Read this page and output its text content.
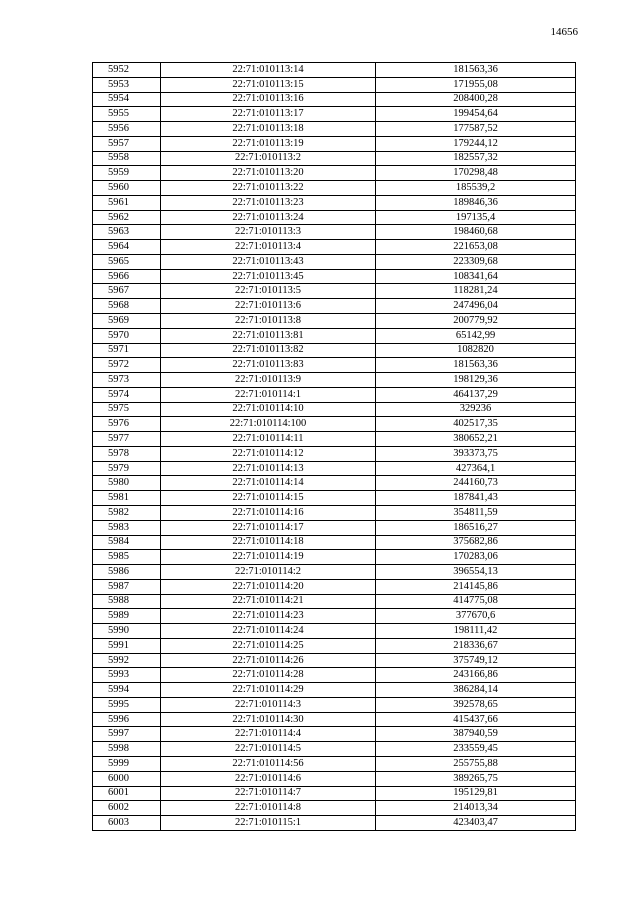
14656
5952	22:71:010113:14	181563,36
5953	22:71:010113:15	171955,08
5954	22:71:010113:16	208400,28
5955	22:71:010113:17	199454,64
5956	22:71:010113:18	177587,52
5957	22:71:010113:19	179244,12
5958	22:71:010113:2	182557,32
5959	22:71:010113:20	170298,48
5960	22:71:010113:22	185539,2
5961	22:71:010113:23	189846,36
5962	22:71:010113:24	197135,4
5963	22:71:010113:3	198460,68
5964	22:71:010113:4	221653,08
5965	22:71:010113:43	223309,68
5966	22:71:010113:45	108341,64
5967	22:71:010113:5	118281,24
5968	22:71:010113:6	247496,04
5969	22:71:010113:8	200779,92
5970	22:71:010113:81	65142,99
5971	22:71:010113:82	1082820
5972	22:71:010113:83	181563,36
5973	22:71:010113:9	198129,36
5974	22:71:010114:1	464137,29
5975	22:71:010114:10	329236
5976	22:71:010114:100	402517,35
5977	22:71:010114:11	380652,21
5978	22:71:010114:12	393373,75
5979	22:71:010114:13	427364,1
5980	22:71:010114:14	244160,73
5981	22:71:010114:15	187841,43
5982	22:71:010114:16	354811,59
5983	22:71:010114:17	186516,27
5984	22:71:010114:18	375682,86
5985	22:71:010114:19	170283,06
5986	22:71:010114:2	396554,13
5987	22:71:010114:20	214145,86
5988	22:71:010114:21	414775,08
5989	22:71:010114:23	377670,6
5990	22:71:010114:24	198111,42
5991	22:71:010114:25	218336,67
5992	22:71:010114:26	375749,12
5993	22:71:010114:28	243166,86
5994	22:71:010114:29	386284,14
5995	22:71:010114:3	392578,65
5996	22:71:010114:30	415437,66
5997	22:71:010114:4	387940,59
5998	22:71:010114:5	233559,45
5999	22:71:010114:56	255755,88
6000	22:71:010114:6	389265,75
6001	22:71:010114:7	195129,81
6002	22:71:010114:8	214013,34
6003	22:71:010115:1	423403,47
